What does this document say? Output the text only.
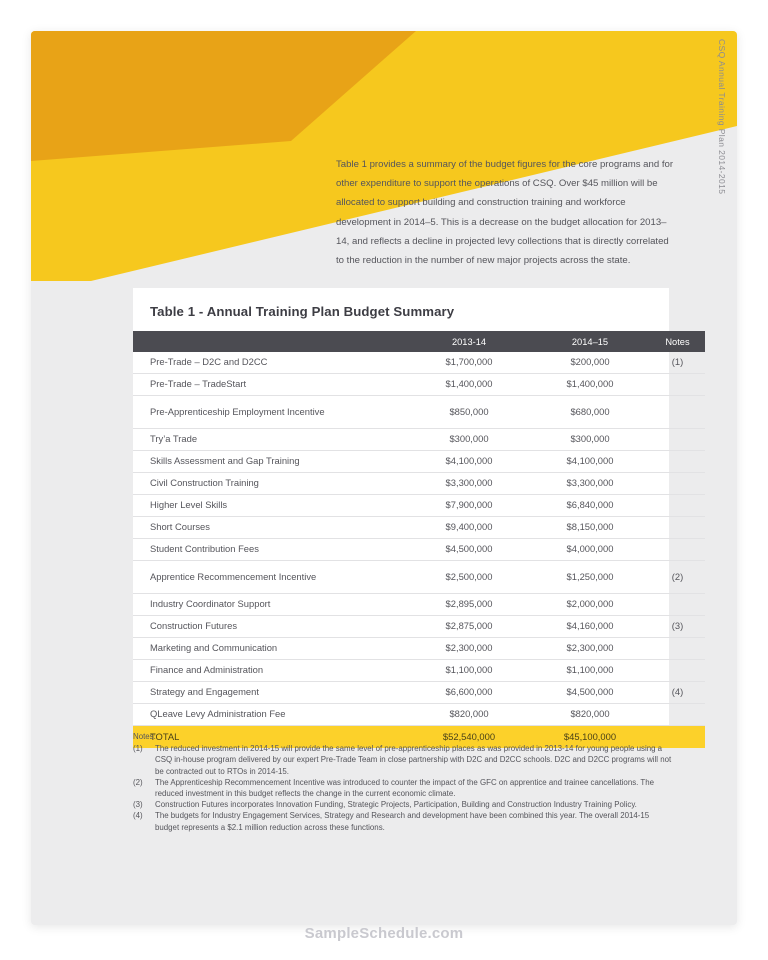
CSQ Annual Training Plan 2014-2015
Table 1 provides a summary of the budget figures for the core programs and for other expenditure to support the operations of CSQ. Over $45 million will be allocated to support building and construction training and workforce development in 2014–5. This is a decrease on the budget allocation for 2013–14, and reflects a decline in projected levy collections that is directly correlated to the reduction in the number of new major projects across the state.
Table 1 - Annual Training Plan Budget Summary
	2013-14	2014–15	Notes
Pre-Trade – D2C and D2CC	$1,700,000	$200,000	(1)
Pre-Trade – TradeStart	$1,400,000	$1,400,000	
Pre-Apprenticeship Employment Incentive	$850,000	$680,000	
Try’a Trade	$300,000	$300,000	
Skills Assessment and Gap Training	$4,100,000	$4,100,000	
Civil Construction Training	$3,300,000	$3,300,000	
Higher Level Skills	$7,900,000	$6,840,000	
Short Courses	$9,400,000	$8,150,000	
Student Contribution Fees	$4,500,000	$4,000,000	
Apprentice Recommencement Incentive	$2,500,000	$1,250,000	(2)
Industry Coordinator Support	$2,895,000	$2,000,000	
Construction Futures	$2,875,000	$4,160,000	(3)
Marketing and Communication	$2,300,000	$2,300,000	
Finance and Administration	$1,100,000	$1,100,000	
Strategy and Engagement	$6,600,000	$4,500,000	(4)
QLeave Levy Administration Fee	$820,000	$820,000	
TOTAL	$52,540,000	$45,100,000	
Notes:
(1)	The reduced investment in 2014-15 will provide the same level of pre-apprenticeship places as was provided in 2013-14 for young people using a CSQ in-house program delivered by our expert Pre-Trade Team in close partnership with D2C and D2CC schools. D2C and D2CC programs will not be contracted out to RTOs in 2014-15.
(2)	The Apprenticeship Recommencement Incentive was introduced to counter the impact of the GFC on apprentice and trainee cancellations. The reduced investment in this budget reflects the change in the current economic climate.
(3)	Construction Futures incorporates Innovation Funding, Strategic Projects, Participation, Building and Construction Industry Training Policy.
(4)	The budgets for Industry Engagement Services, Strategy and Research and development have been combined this year. The overall 2014-15 budget represents a $2.1 million reduction across these functions.
SampleSchedule.com
